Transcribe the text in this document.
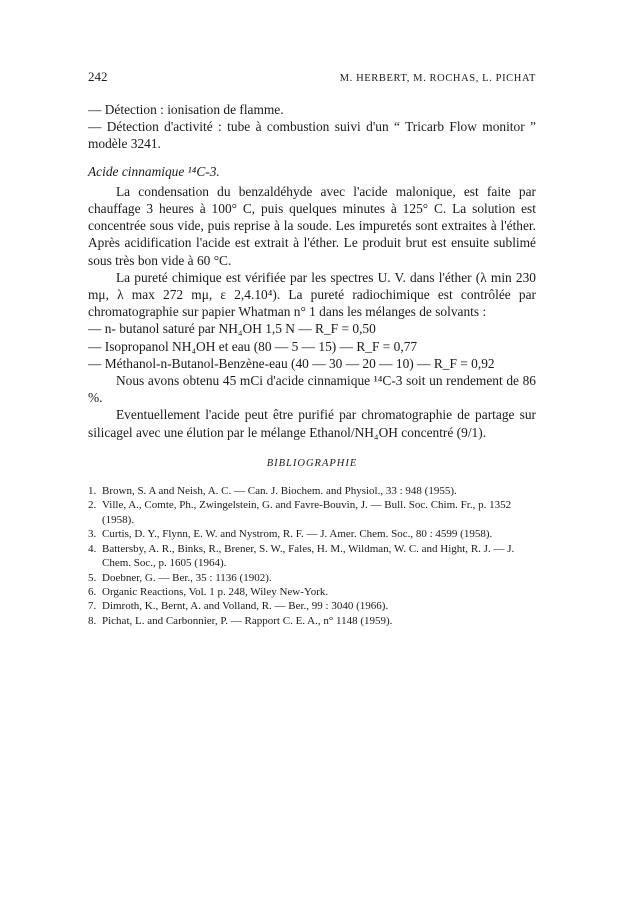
242	M. HERBERT, M. ROCHAS, L. PICHAT

— Détection : ionisation de flamme.

— Détection d'activité : tube à combustion suivi d'un “ Tricarb Flow monitor ” modèle 3241.

Acide cinnamique ¹⁴C-3.

La condensation du benzaldéhyde avec l'acide malonique, est faite par chauffage 3 heures à 100° C, puis quelques minutes à 125° C. La solution est concentrée sous vide, puis reprise à la soude. Les impuretés sont extraites à l'éther. Après acidification l'acide est extrait à l'éther. Le produit brut est ensuite sublimé sous très bon vide à 60 °C.

La pureté chimique est vérifiée par les spectres U. V. dans l'éther (λ min 230 mμ, λ max 272 mμ, ε 2,4.10⁴). La pureté radiochimique est contrôlée par chromatographie sur papier Whatman n° 1 dans les mélanges de solvants :

— n- butanol saturé par NH₄OH 1,5 N — R_F = 0,50

— Isopropanol NH₄OH et eau (80 — 5 — 15) — R_F = 0,77

— Méthanol-n-Butanol-Benzène-eau (40 — 30 — 20 — 10) — R_F = 0,92

Nous avons obtenu 45 mCi d'acide cinnamique ¹⁴C-3 soit un rendement de 86 %.

Eventuellement l'acide peut être purifié par chromatographie de partage sur silicagel avec une élution par le mélange Ethanol/NH₄OH concentré (9/1).

BIBLIOGRAPHIE
1. Brown, S. A and Neish, A. C. — Can. J. Biochem. and Physiol., 33 : 948 (1955).
2. Ville, A., Comte, Ph., Zwingelstein, G. and Favre-Bouvin, J. — Bull. Soc. Chim. Fr., p. 1352 (1958).
3. Curtis, D. Y., Flynn, E. W. and Nystrom, R. F. — J. Amer. Chem. Soc., 80 : 4599 (1958).
4. Battersby, A. R., Binks, R., Brener, S. W., Fales, H. M., Wildman, W. C. and Hight, R. J. — J. Chem. Soc., p. 1605 (1964).
5. Doebner, G. — Ber., 35 : 1136 (1902).
6. Organic Reactions, Vol. 1 p. 248, Wiley New-York.
7. Dimroth, K., Bernt, A. and Volland, R. — Ber., 99 : 3040 (1966).
8. Pichat, L. and Carbonnier, P. — Rapport C. E. A., n° 1148 (1959).
